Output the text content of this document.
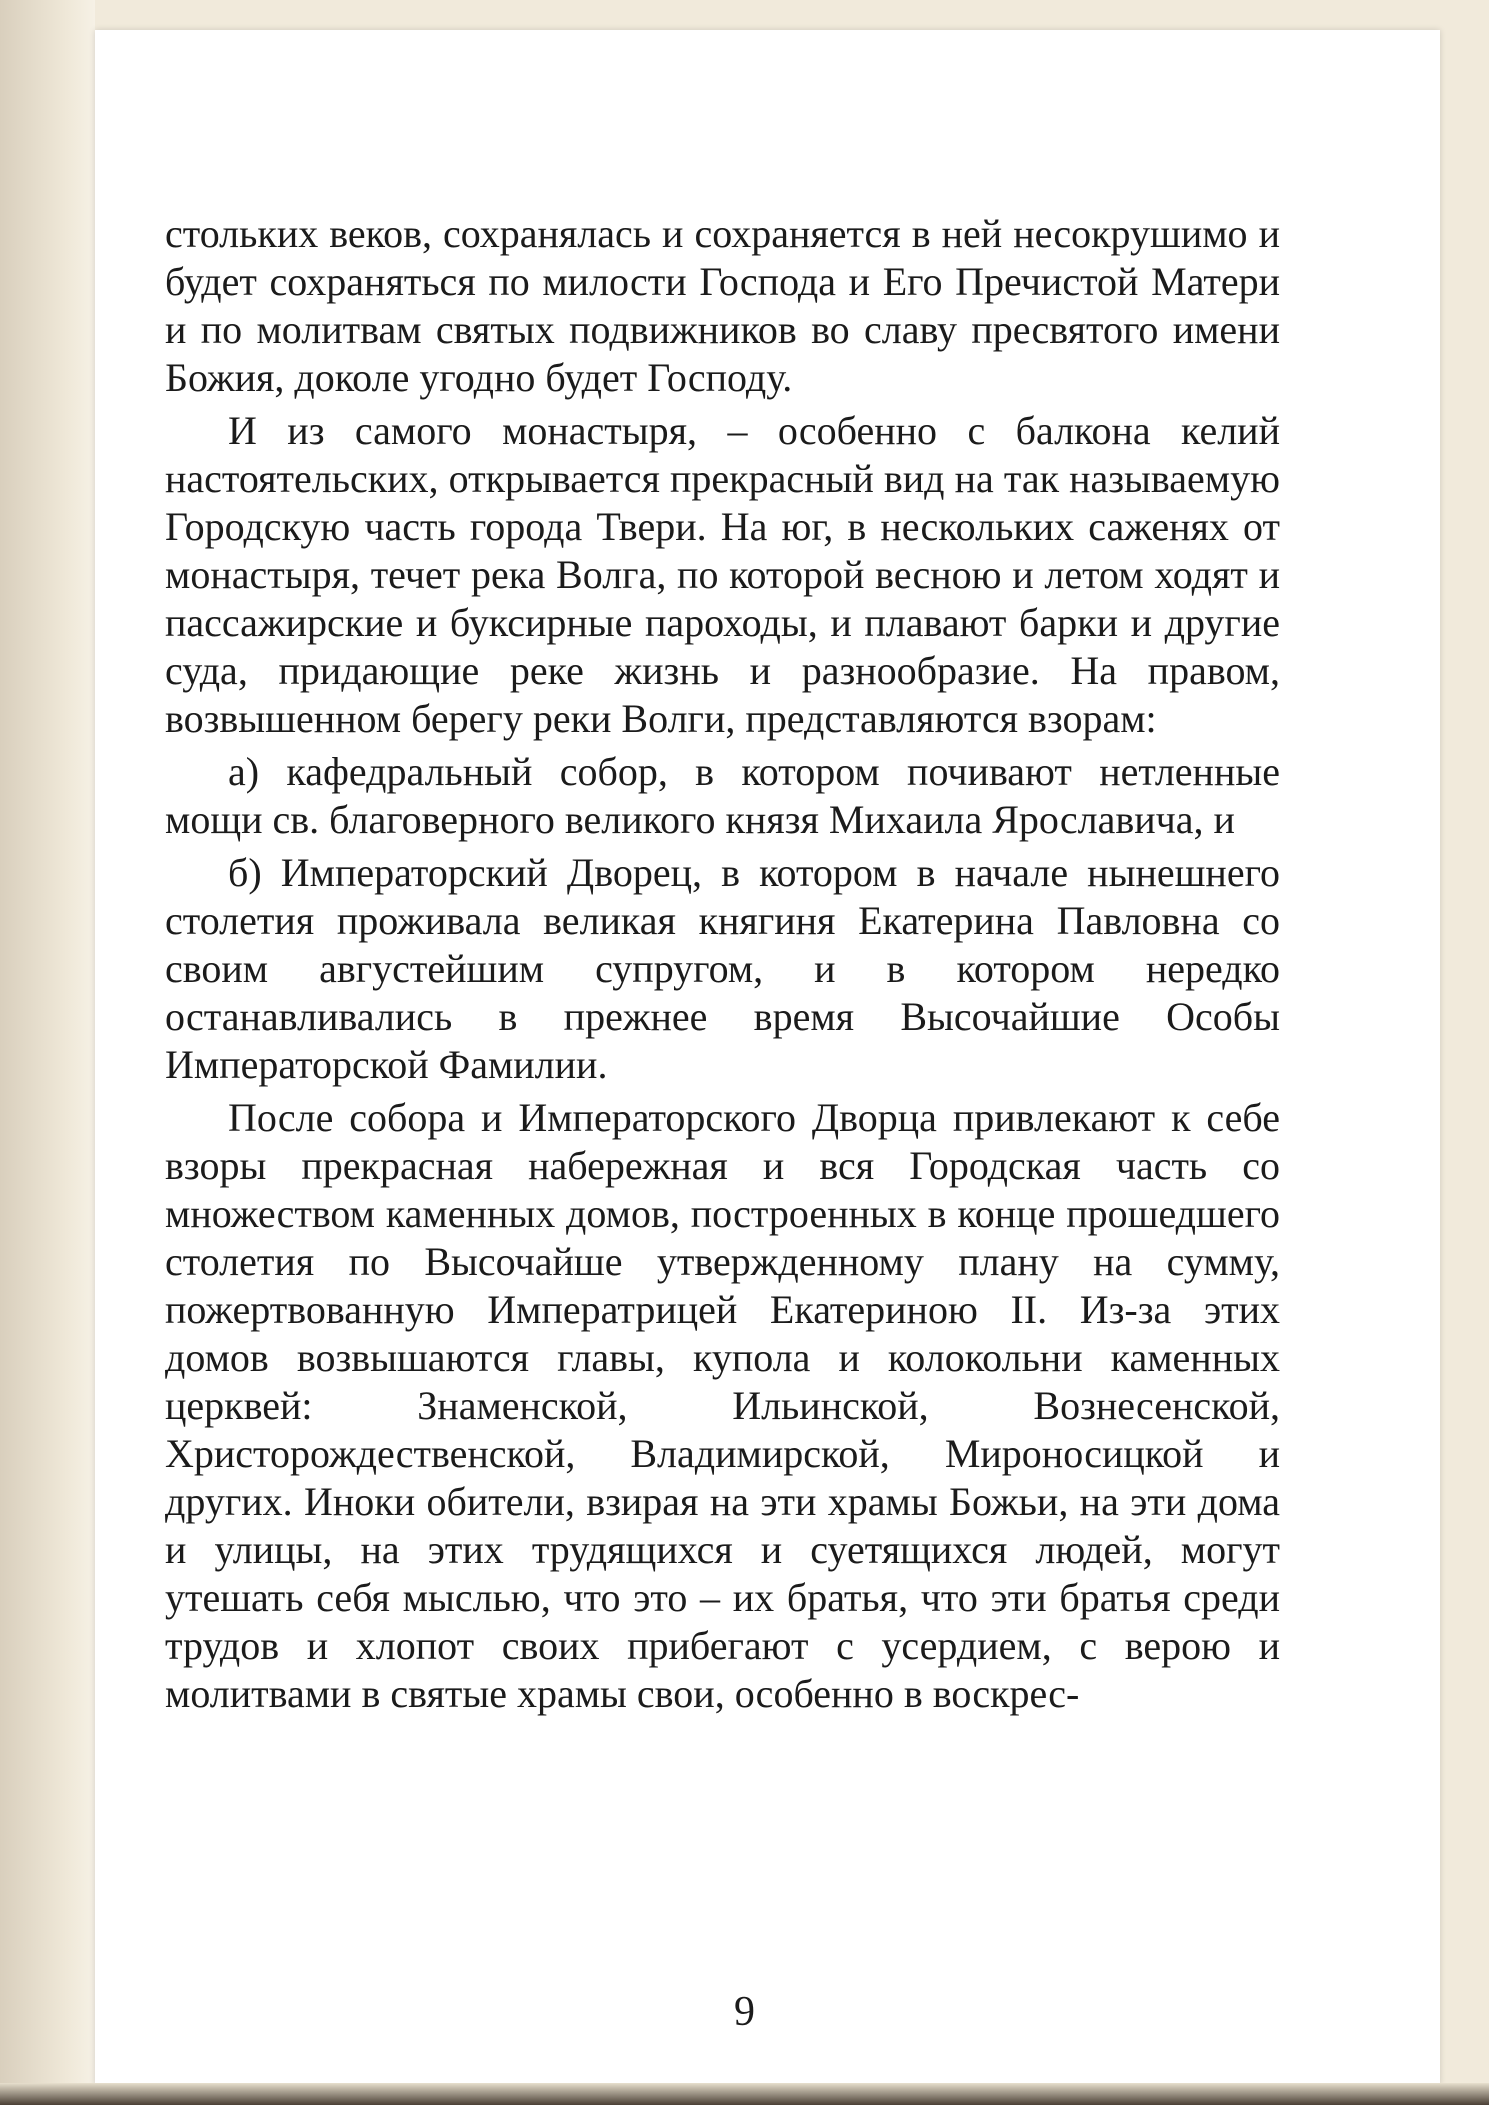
стольких веков, сохранялась и сохраняется в ней несокрушимо и будет сохраняться по милости Господа и Его Пречистой Матери и по молитвам святых подвижников во славу пресвятого имени Божия, доколе угодно будет Господу.

И из самого монастыря, – особенно с балкона келий настоятельских, открывается прекрасный вид на так называемую Городскую часть города Твери. На юг, в нескольких саженях от монастыря, течет река Волга, по которой весною и летом ходят и пассажирские и буксирные пароходы, и плавают барки и другие суда, придающие реке жизнь и разнообразие. На правом, возвышенном берегу реки Волги, представляются взорам:

а) кафедральный собор, в котором почивают нетленные мощи св. благоверного великого князя Михаила Ярославича, и

б) Императорский Дворец, в котором в начале нынешнего столетия проживала великая княгиня Екатерина Павловна со своим августейшим супругом, и в котором нередко останавливались в прежнее время Высочайшие Особы Императорской Фамилии.

После собора и Императорского Дворца привлекают к себе взоры прекрасная набережная и вся Городская часть со множеством каменных домов, построенных в конце прошедшего столетия по Высочайше утвержденному плану на сумму, пожертвованную Императрицей Екатериною II. Из-за этих домов возвышаются главы, купола и колокольни каменных церквей: Знаменской, Ильинской, Вознесенской, Христорождественской, Владимирской, Мироносицкой и других. Иноки обители, взирая на эти храмы Божьи, на эти дома и улицы, на этих трудящихся и суетящихся людей, могут утешать себя мыслью, что это – их братья, что эти братья среди трудов и хлопот своих прибегают с усердием, с верою и молитвами в святые храмы свои, особенно в воскрес-

9
